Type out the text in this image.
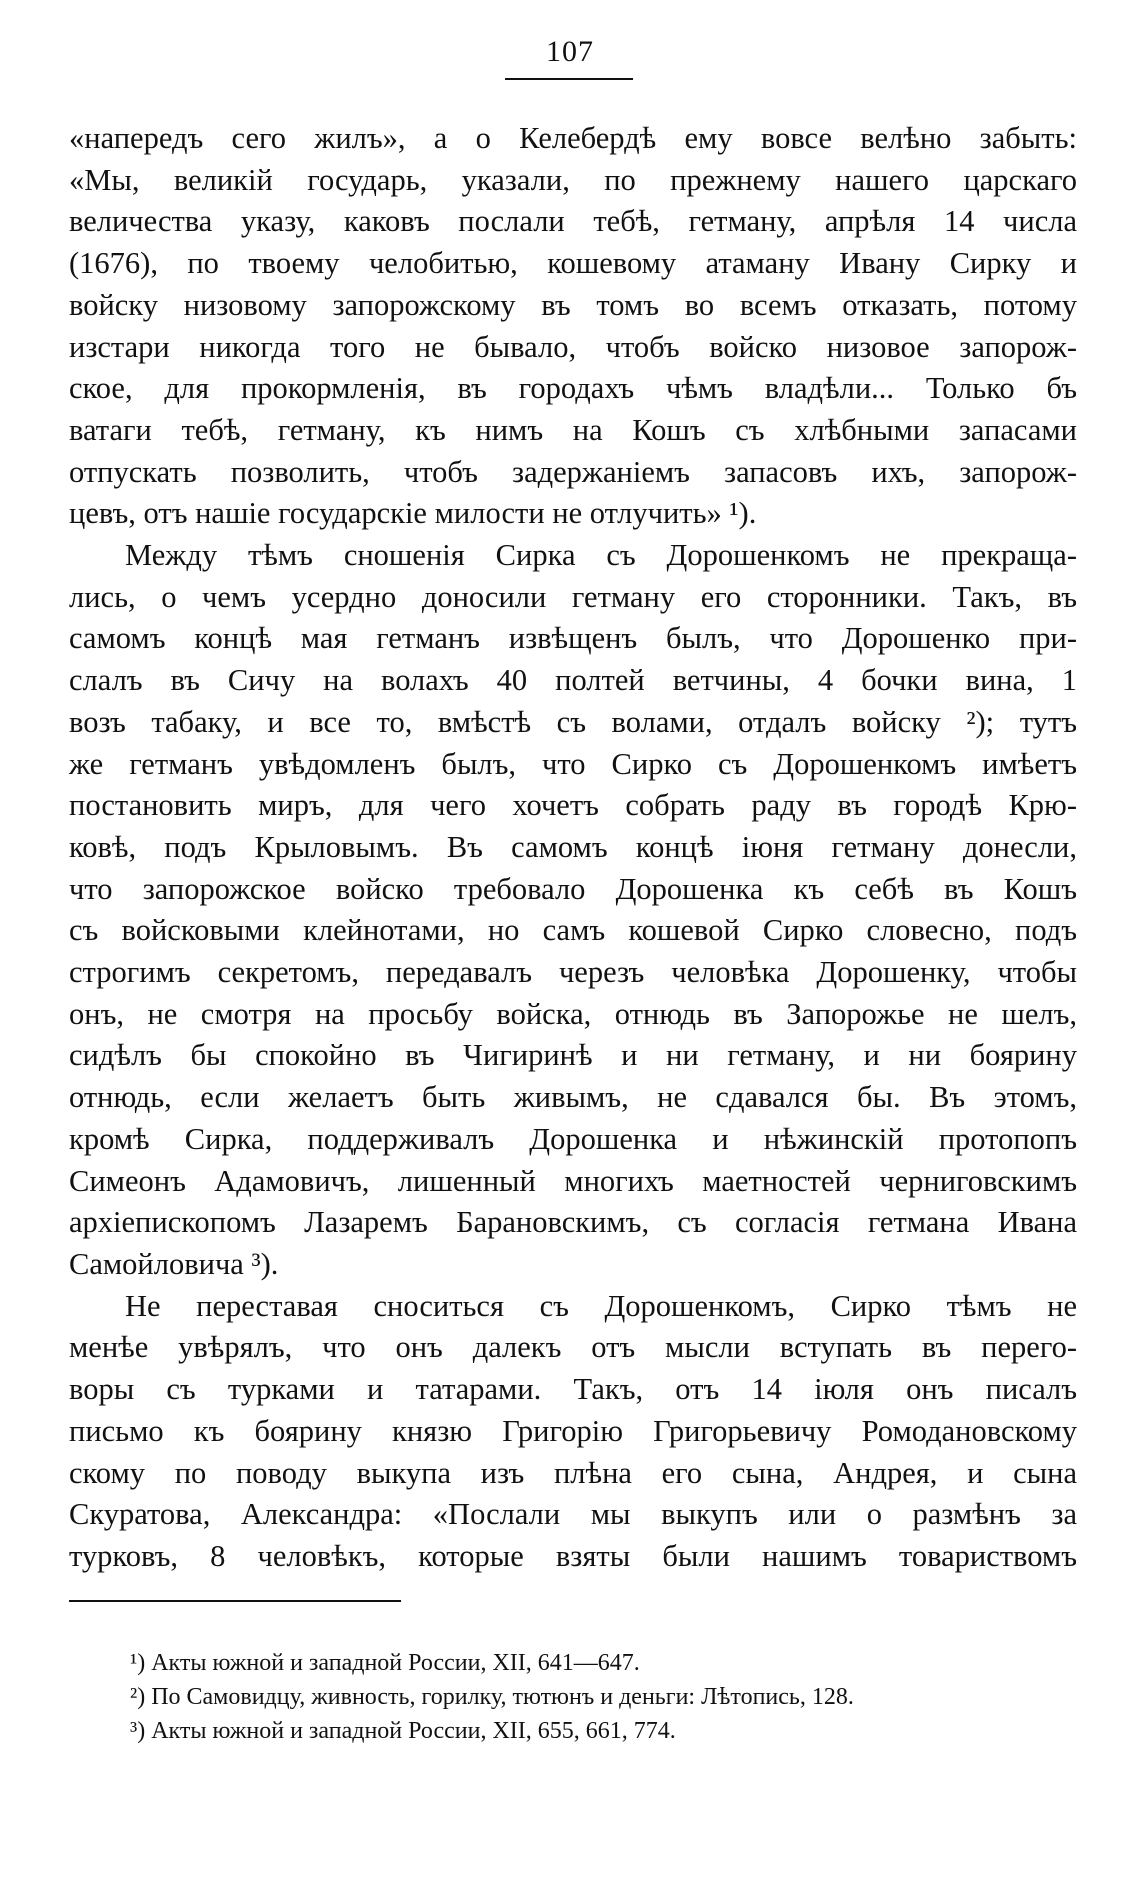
107
«напередъ сего жилъ», а о Келебердѣ ему вовсе велѣно забыть:
«Мы, великій государь, указали, по прежнему нашего царскаго
величества указу, каковъ послали тебѣ, гетману, апрѣля 14 числа
(1676), по твоему челобитью, кошевому атаману Ивану Сирку и
войску низовому запорожскому въ томъ во всемъ отказать, потому
изстари никогда того не бывало, чтобъ войско низовое запорож-
ское, для прокормленія, въ городахъ чѣмъ владѣли... Только бъ
ватаги тебѣ, гетману, къ нимъ на Кошъ съ хлѣбными запасами
отпускать позволить, чтобъ задержаніемъ запасовъ ихъ, запорож-
цевъ, отъ нашіе государскіе милости не отлучить» ¹).
Между тѣмъ сношенія Сирка съ Дорошенкомъ не прекраща-
лись, о чемъ усердно доносили гетману его сторонники. Такъ, въ
самомъ концѣ мая гетманъ извѣщенъ былъ, что Дорошенко при-
слалъ въ Сичу на волахъ 40 полтей ветчины, 4 бочки вина, 1
возъ табаку, и все то, вмѣстѣ съ волами, отдалъ войску ²); тутъ
же гетманъ увѣдомленъ былъ, что Сирко съ Дорошенкомъ имѣетъ
постановить миръ, для чего хочетъ собрать раду въ городѣ Крю-
ковѣ, подъ Крыловымъ. Въ самомъ концѣ іюня гетману донесли,
что запорожское войско требовало Дорошенка къ себѣ въ Кошъ
съ войсковыми клейнотами, но самъ кошевой Сирко словесно, подъ
строгимъ секретомъ, передавалъ черезъ человѣка Дорошенку, чтобы
онъ, не смотря на просьбу войска, отнюдь въ Запорожье не шелъ,
сидѣлъ бы спокойно въ Чигиринѣ и ни гетману, и ни боярину
отнюдь, если желаетъ быть живымъ, не сдавался бы. Въ этомъ,
кромѣ Сирка, поддерживалъ Дорошенка и нѣжинскій протопопъ
Симеонъ Адамовичъ, лишенный многихъ маетностей черниговскимъ
архіепископомъ Лазаремъ Барановскимъ, съ согласія гетмана Ивана
Самойловича ³).
Не переставая сноситься съ Дорошенкомъ, Сирко тѣмъ не
менѣе увѣрялъ, что онъ далекъ отъ мысли вступать въ перего-
воры съ турками и татарами. Такъ, отъ 14 іюля онъ писалъ
письмо къ боярину князю Григорію Григорьевичу Ромодановскому
скому по поводу выкупа изъ плѣна его сына, Андрея, и сына
Скуратова, Александра: «Послали мы выкупъ или о размѣнъ за
турковъ, 8 человѣкъ, которые взяты были нашимъ товариствомъ
¹) Акты южной и западной России, XII, 641—647.
²) По Самовидцу, живность, горилку, тютюнъ и деньги: Лѣтопись, 128.
³) Акты южной и западной России, XII, 655, 661, 774.
